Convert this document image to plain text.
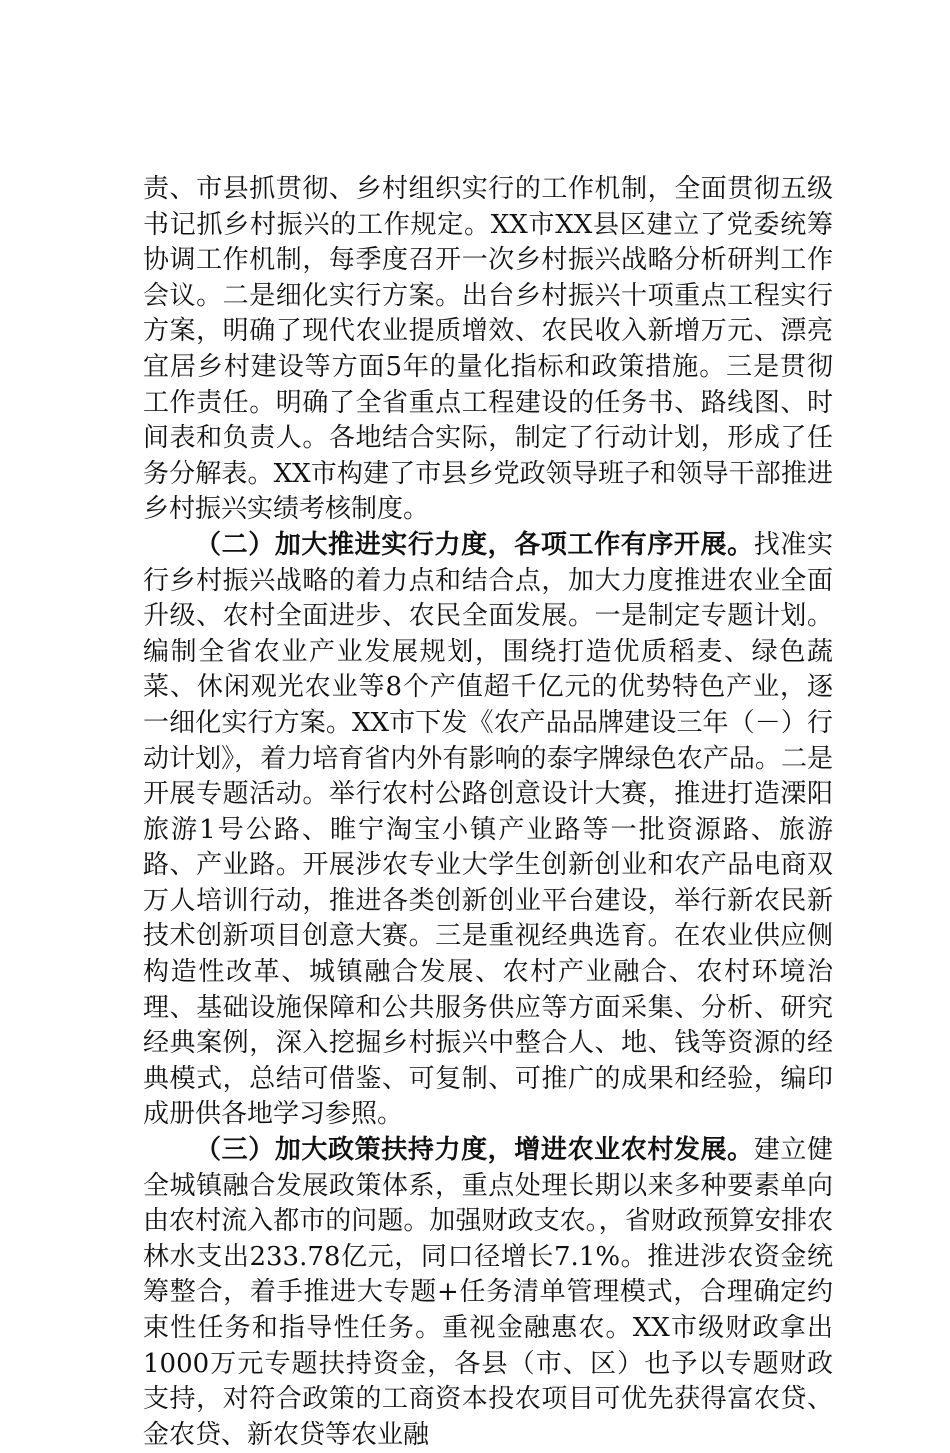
责、市县抓贯彻、乡村组织实行的工作机制，全面贯彻五级书记抓乡村振兴的工作规定。XX市XX县区建立了党委统筹协调工作机制，每季度召开一次乡村振兴战略分析研判工作会议。二是细化实行方案。出台乡村振兴十项重点工程实行方案，明确了现代农业提质增效、农民收入新增万元、漂亮宜居乡村建设等方面5年的量化指标和政策措施。三是贯彻工作责任。明确了全省重点工程建设的任务书、路线图、时间表和负责人。各地结合实际，制定了行动计划，形成了任务分解表。XX市构建了市县乡党政领导班子和领导干部推进乡村振兴实绩考核制度。

（二）加大推进实行力度，各项工作有序开展。找准实行乡村振兴战略的着力点和结合点，加大力度推进农业全面升级、农村全面进步、农民全面发展。一是制定专题计划。编制全省农业产业发展规划，围绕打造优质稻麦、绿色蔬菜、休闲观光农业等8个产值超千亿元的优势特色产业，逐一细化实行方案。XX市下发《农产品品牌建设三年（－）行动计划》，着力培育省内外有影响的泰字牌绿色农产品。二是开展专题活动。举行农村公路创意设计大赛，推进打造溧阳旅游1号公路、睢宁淘宝小镇产业路等一批资源路、旅游路、产业路。开展涉农专业大学生创新创业和农产品电商双万人培训行动，推进各类创新创业平台建设，举行新农民新技术创新项目创意大赛。三是重视经典选育。在农业供应侧构造性改革、城镇融合发展、农村产业融合、农村环境治理、基础设施保障和公共服务供应等方面采集、分析、研究经典案例，深入挖掘乡村振兴中整合人、地、钱等资源的经典模式，总结可借鉴、可复制、可推广的成果和经验，编印成册供各地学习参照。

（三）加大政策扶持力度，增进农业农村发展。建立健全城镇融合发展政策体系，重点处理长期以来多种要素单向由农村流入都市的问题。加强财政支农。，省财政预算安排农林水支出233.78亿元，同口径增长7.1%。推进涉农资金统筹整合，着手推进大专题+任务清单管理模式，合理确定约束性任务和指导性任务。重视金融惠农。XX市级财政拿出1000万元专题扶持资金，各县（市、区）也予以专题财政支持，对符合政策的工商资本投农项目可优先获得富农贷、金农贷、新农贷等农业融
